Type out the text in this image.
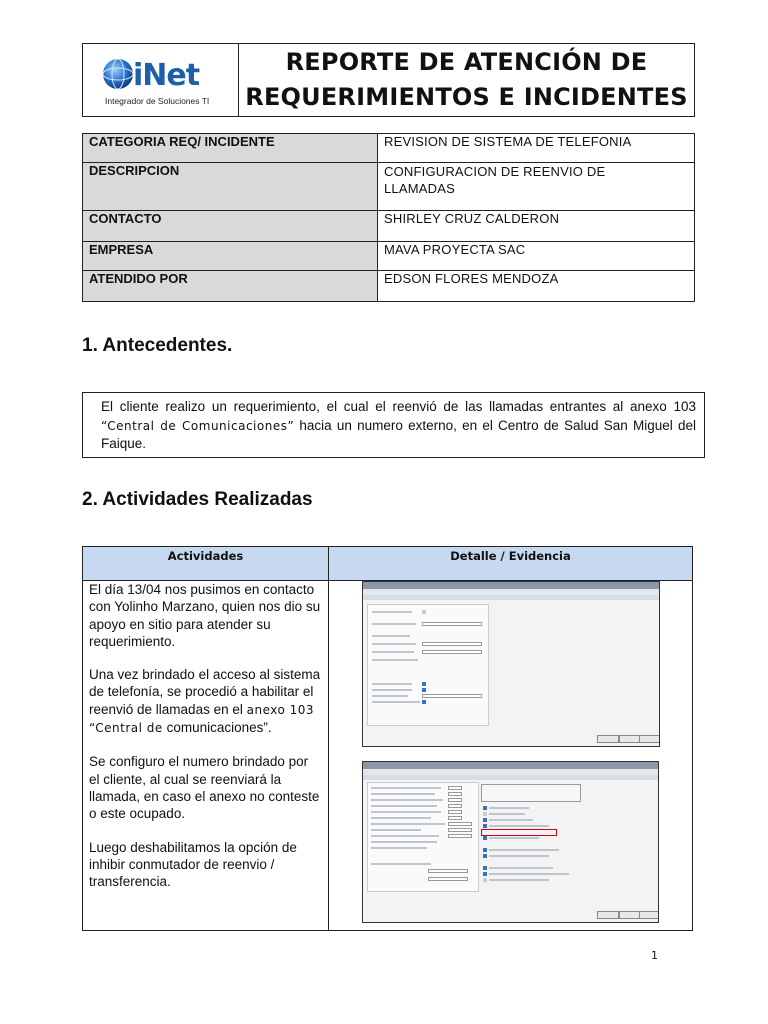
iNet
Integrador de Soluciones TI
REPORTE DE ATENCIÓN DE
REQUERIMIENTOS E INCIDENTES
CATEGORIA REQ/ INCIDENTE	REVISION DE SISTEMA DE TELEFONIA
DESCRIPCION	CONFIGURACION DE REENVIO DE LLAMADAS
CONTACTO	SHIRLEY CRUZ CALDERON
EMPRESA	MAVA PROYECTA SAC
ATENDIDO POR	EDSON FLORES MENDOZA
1. Antecedentes.
El cliente realizo un requerimiento, el cual el reenvió de las llamadas entrantes al anexo 103 “Central de Comunicaciones” hacia un numero externo, en el Centro de Salud San Miguel del Faique.
2. Actividades Realizadas
Actividades	Detalle / Evidencia

El día 13/04 nos pusimos en contacto con Yolinho Marzano, quien nos dio su apoyo en sitio para atender su requerimiento.

Una vez brindado el acceso al sistema de telefonía, se procedió a habilitar el reenvió de llamadas en el anexo 103 “Central de comunicaciones”.

Se configuro el numero brindado por el cliente, al cual se reenviará la llamada, en caso el anexo no conteste o este ocupado.

Luego deshabilitamos la opción de inhibir conmutador de reenvio / transferencia.

1
